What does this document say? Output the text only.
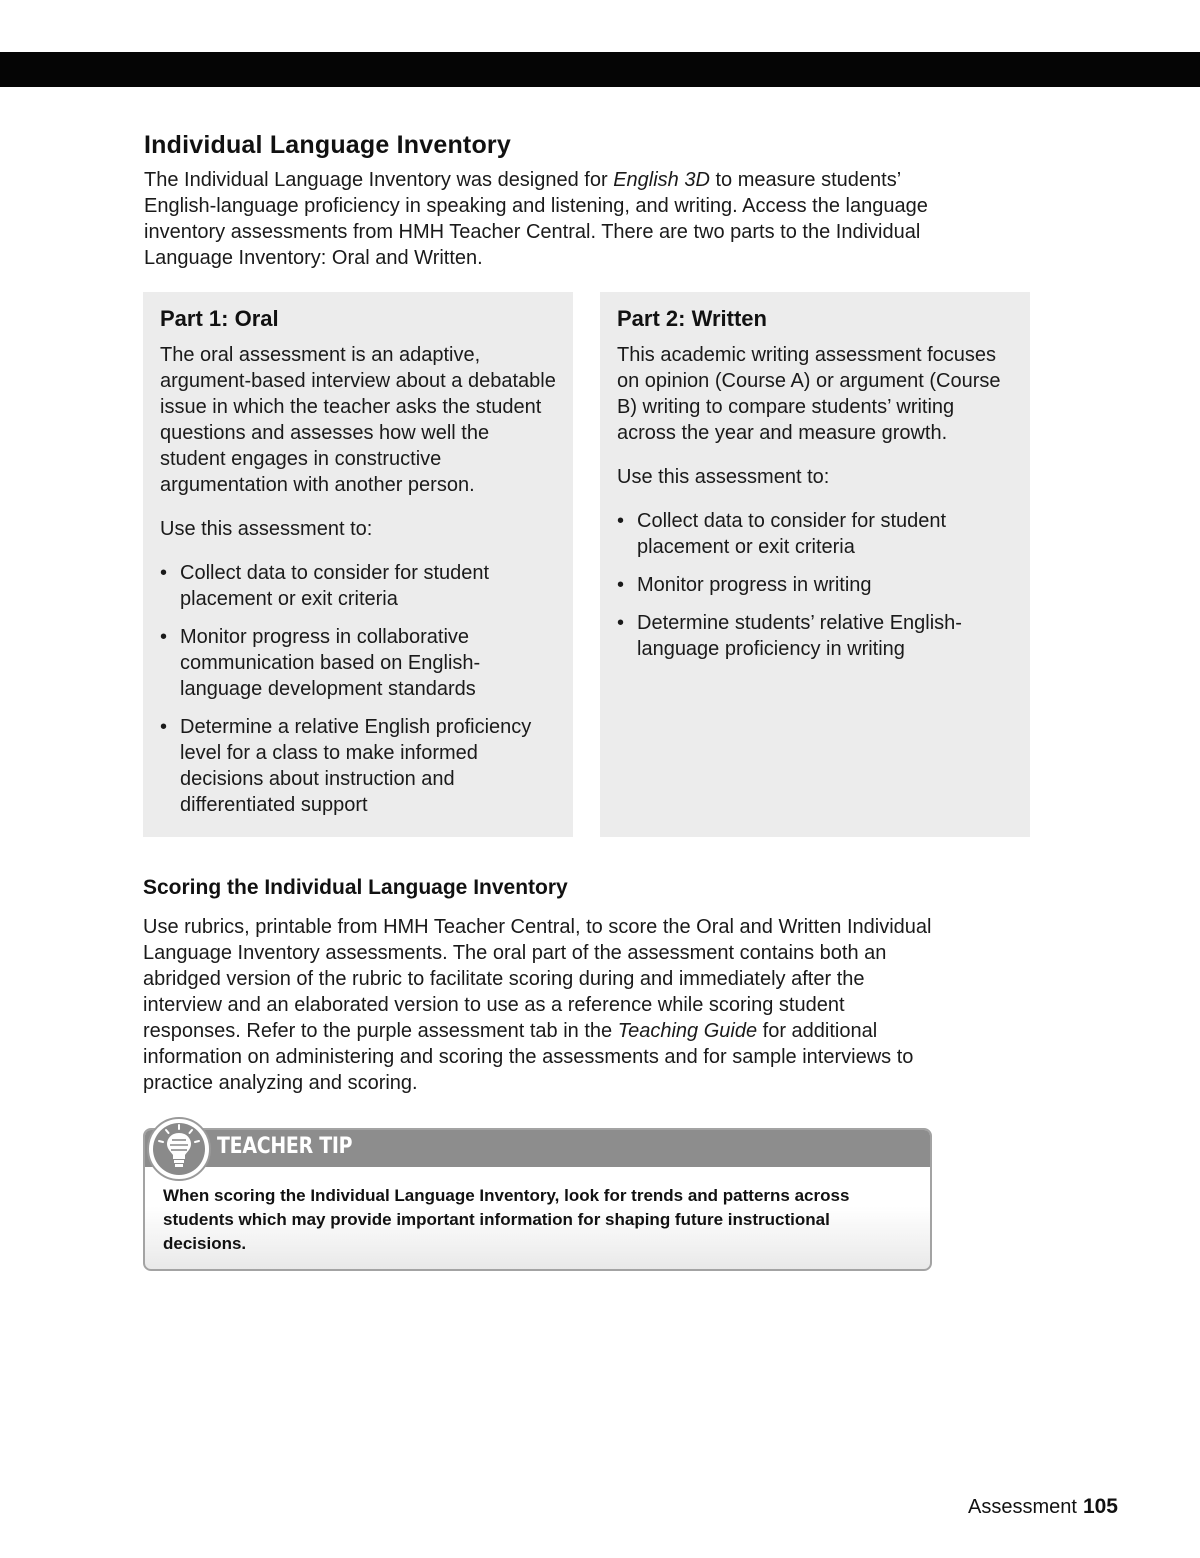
Individual Language Inventory

The Individual Language Inventory was designed for English 3D to measure students’ English-language proficiency in speaking and listening, and writing. Access the language inventory assessments from HMH Teacher Central. There are two parts to the Individual Language Inventory: Oral and Written.

Part 1: Oral

The oral assessment is an adaptive, argument-based interview about a debatable issue in which the teacher asks the student questions and assesses how well the student engages in constructive argumentation with another person.

Use this assessment to:

• Collect data to consider for student placement or exit criteria
• Monitor progress in collaborative communication based on English-language development standards
• Determine a relative English proficiency level for a class to make informed decisions about instruction and differentiated support
Part 2: Written

This academic writing assessment focuses on opinion (Course A) or argument (Course B) writing to compare students’ writing across the year and measure growth.

Use this assessment to:

• Collect data to consider for student placement or exit criteria
• Monitor progress in writing
• Determine students’ relative English-language proficiency in writing
Scoring the Individual Language Inventory

Use rubrics, printable from HMH Teacher Central, to score the Oral and Written Individual Language Inventory assessments. The oral part of the assessment contains both an abridged version of the rubric to facilitate scoring during and immediately after the interview and an elaborated version to use as a reference while scoring student responses. Refer to the purple assessment tab in the Teaching Guide for additional information on administering and scoring the assessments and for sample interviews to practice analyzing and scoring.

TEACHER TIP

When scoring the Individual Language Inventory, look for trends and patterns across students which may provide important information for shaping future instructional decisions.

Assessment 105
